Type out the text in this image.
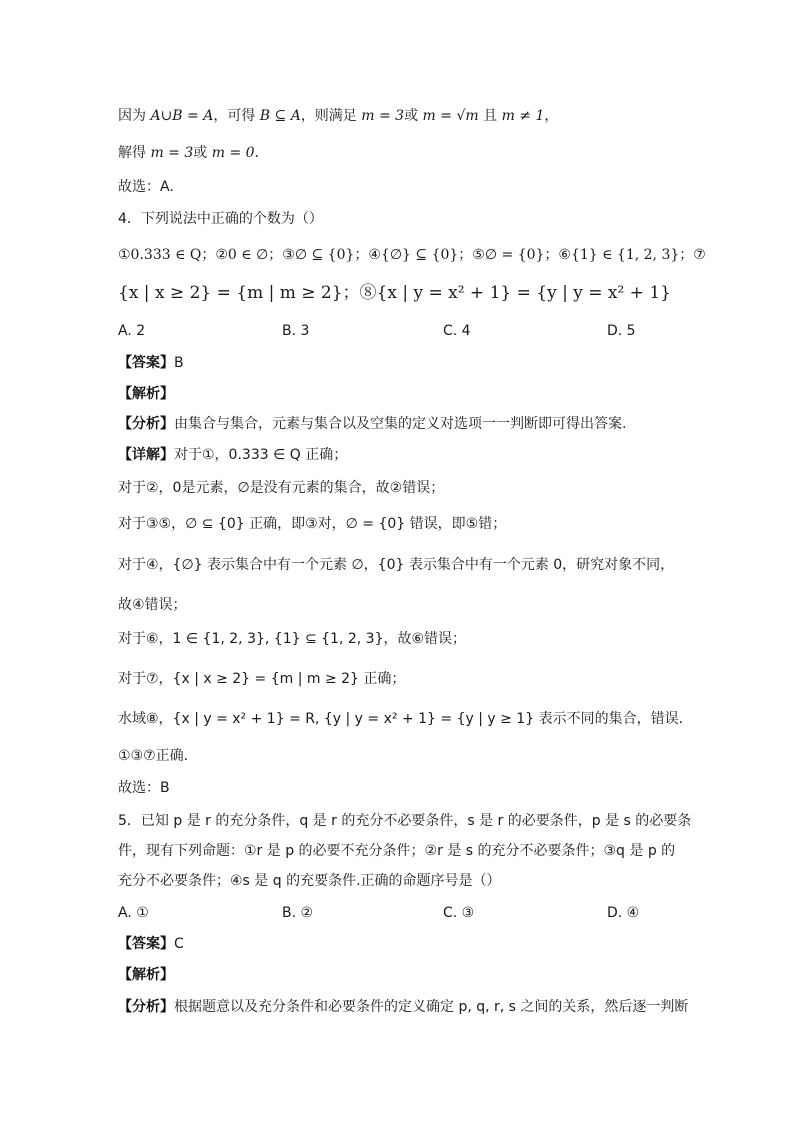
因为 A∪B = A，可得 B ⊆ A，则满足 m = 3或 m = √m 且 m ≠ 1，
解得 m = 3或 m = 0．
故选：A.
4．下列说法中正确的个数为（）
①0.333 ∈ Q；②0 ∈ ∅；③∅ ⊆ {0}；④{∅} ⊆ {0}；⑤∅ = {0}；⑥{1} ∈ {1, 2, 3}；⑦
{x | x ≥ 2} = {m | m ≥ 2}；⑧{x | y = x² + 1} = {y | y = x² + 1}
A. 2	B. 3	C. 4	D. 5
【答案】B
【解析】
【分析】由集合与集合，元素与集合以及空集的定义对选项一一判断即可得出答案.
【详解】对于①，0.333 ∈ Q 正确；
对于②，0是元素，∅是没有元素的集合，故②错误；
对于③⑤，∅ ⊆ {0} 正确，即③对，∅ = {0} 错误，即⑤错；
对于④，{∅} 表示集合中有一个元素 ∅，{0} 表示集合中有一个元素 0，研究对象不同，
故④错误；
对于⑥，1 ∈ {1, 2, 3}, {1} ⊆ {1, 2, 3}，故⑥错误；
对于⑦，{x | x ≥ 2} = {m | m ≥ 2} 正确；
水域⑧，{x | y = x² + 1} = R, {y | y = x² + 1} = {y | y ≥ 1} 表示不同的集合，错误.
①③⑦正确.
故选：B
5．已知 p 是 r 的充分条件，q 是 r 的充分不必要条件，s 是 r 的必要条件，p 是 s 的必要条
件，现有下列命题：①r 是 p 的必要不充分条件；②r 是 s 的充分不必要条件；③q 是 p 的
充分不必要条件；④s 是 q 的充要条件.正确的命题序号是（）
A. ①	B. ②	C. ③	D. ④
【答案】C
【解析】
【分析】根据题意以及充分条件和必要条件的定义确定 p, q, r, s 之间的关系，然后逐一判断
